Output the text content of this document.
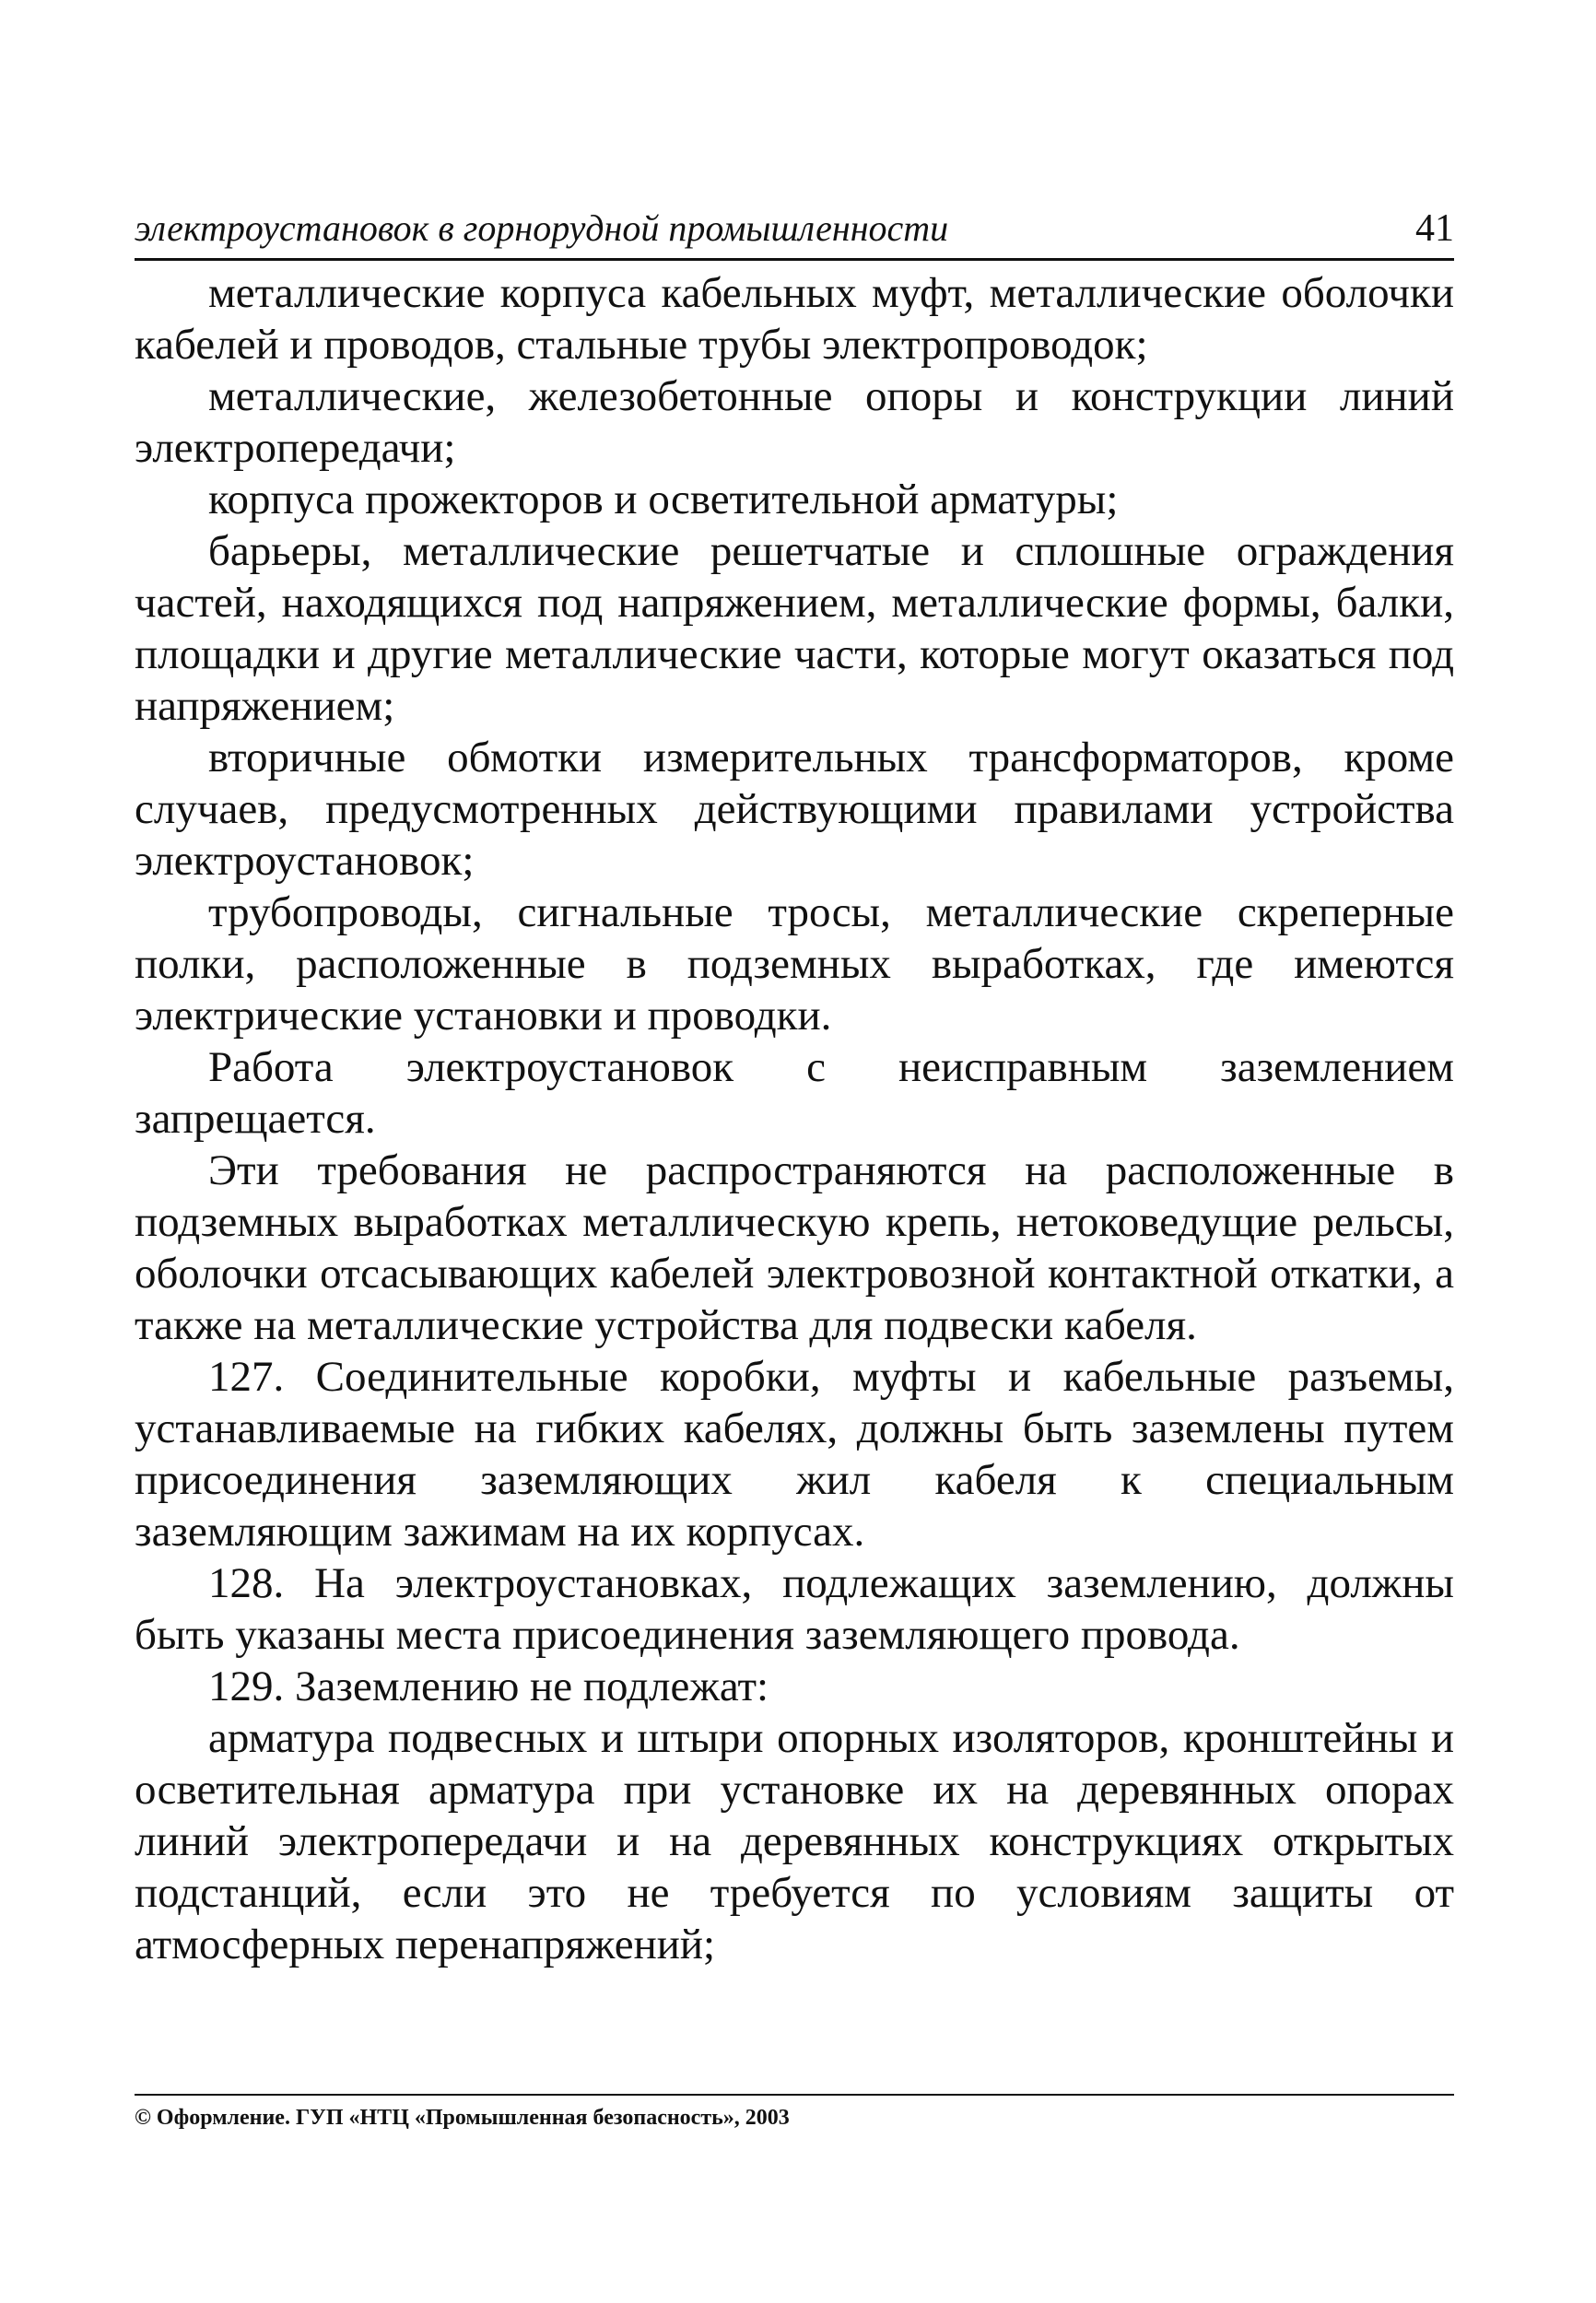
электроустановок в горнорудной промышленности	41

металлические корпуса кабельных муфт, металлические оболочки кабелей и проводов, стальные трубы электропроводок;

металлические, железобетонные опоры и конструкции линий электропередачи;

корпуса прожекторов и осветительной арматуры;

барьеры, металлические решетчатые и сплошные ограждения частей, находящихся под напряжением, металлические формы, балки, площадки и другие металлические части, которые могут оказаться под напряжением;

вторичные обмотки измерительных трансформаторов, кроме случаев, предусмотренных действующими правилами устройства электроустановок;

трубопроводы, сигнальные тросы, металлические скреперные полки, расположенные в подземных выработках, где имеются электрические установки и проводки.

Работа электроустановок с неисправным заземлением запрещается.

Эти требования не распространяются на расположенные в подземных выработках металлическую крепь, нетоковедущие рельсы, оболочки отсасывающих кабелей электровозной контактной откатки, а также на металлические устройства для подвески кабеля.

127. Соединительные коробки, муфты и кабельные разъемы, устанавливаемые на гибких кабелях, должны быть заземлены путем присоединения заземляющих жил кабеля к специальным заземляющим зажимам на их корпусах.

128. На электроустановках, подлежащих заземлению, должны быть указаны места присоединения заземляющего провода.

129. Заземлению не подлежат:

арматура подвесных и штыри опорных изоляторов, кронштейны и осветительная арматура при установке их на деревянных опорах линий электропередачи и на деревянных конструкциях открытых подстанций, если это не требуется по условиям защиты от атмосферных перенапряжений;

© Оформление. ГУП «НТЦ «Промышленная безопасность», 2003
